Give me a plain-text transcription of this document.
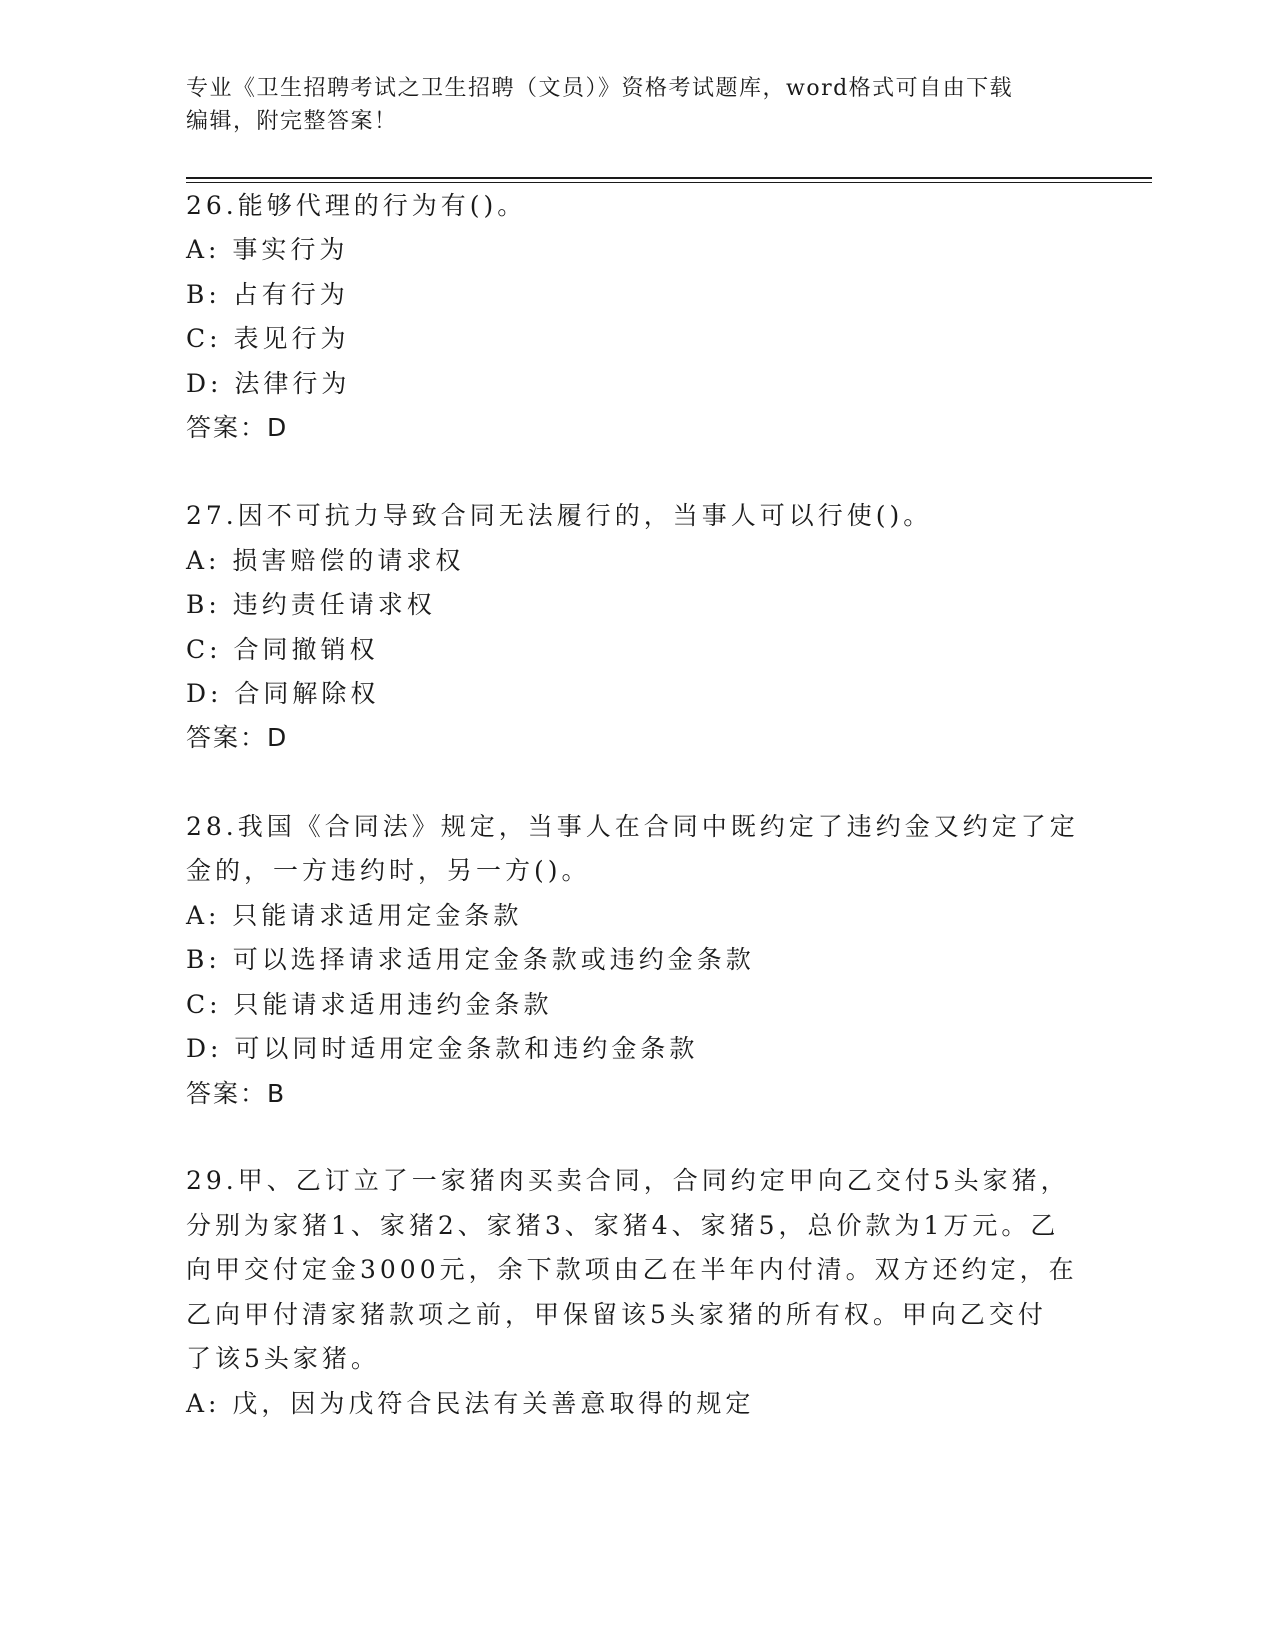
专业《卫生招聘考试之卫生招聘（文员）》资格考试题库，word格式可自由下载
编辑，附完整答案！
26.能够代理的行为有()。
A: 事实行为
B: 占有行为
C: 表见行为
D: 法律行为
答案：D
27.因不可抗力导致合同无法履行的，当事人可以行使()。
A: 损害赔偿的请求权
B: 违约责任请求权
C: 合同撤销权
D: 合同解除权
答案：D
28.我国《合同法》规定，当事人在合同中既约定了违约金又约定了定
金的，一方违约时，另一方()。
A: 只能请求适用定金条款
B: 可以选择请求适用定金条款或违约金条款
C: 只能请求适用违约金条款
D: 可以同时适用定金条款和违约金条款
答案：B
29.甲、乙订立了一家猪肉买卖合同，合同约定甲向乙交付5头家猪，
分别为家猪1、家猪2、家猪3、家猪4、家猪5，总价款为1万元。乙
向甲交付定金3000元，余下款项由乙在半年内付清。双方还约定，在
乙向甲付清家猪款项之前，甲保留该5头家猪的所有权。甲向乙交付
了该5头家猪。
A: 戊，因为戊符合民法有关善意取得的规定
